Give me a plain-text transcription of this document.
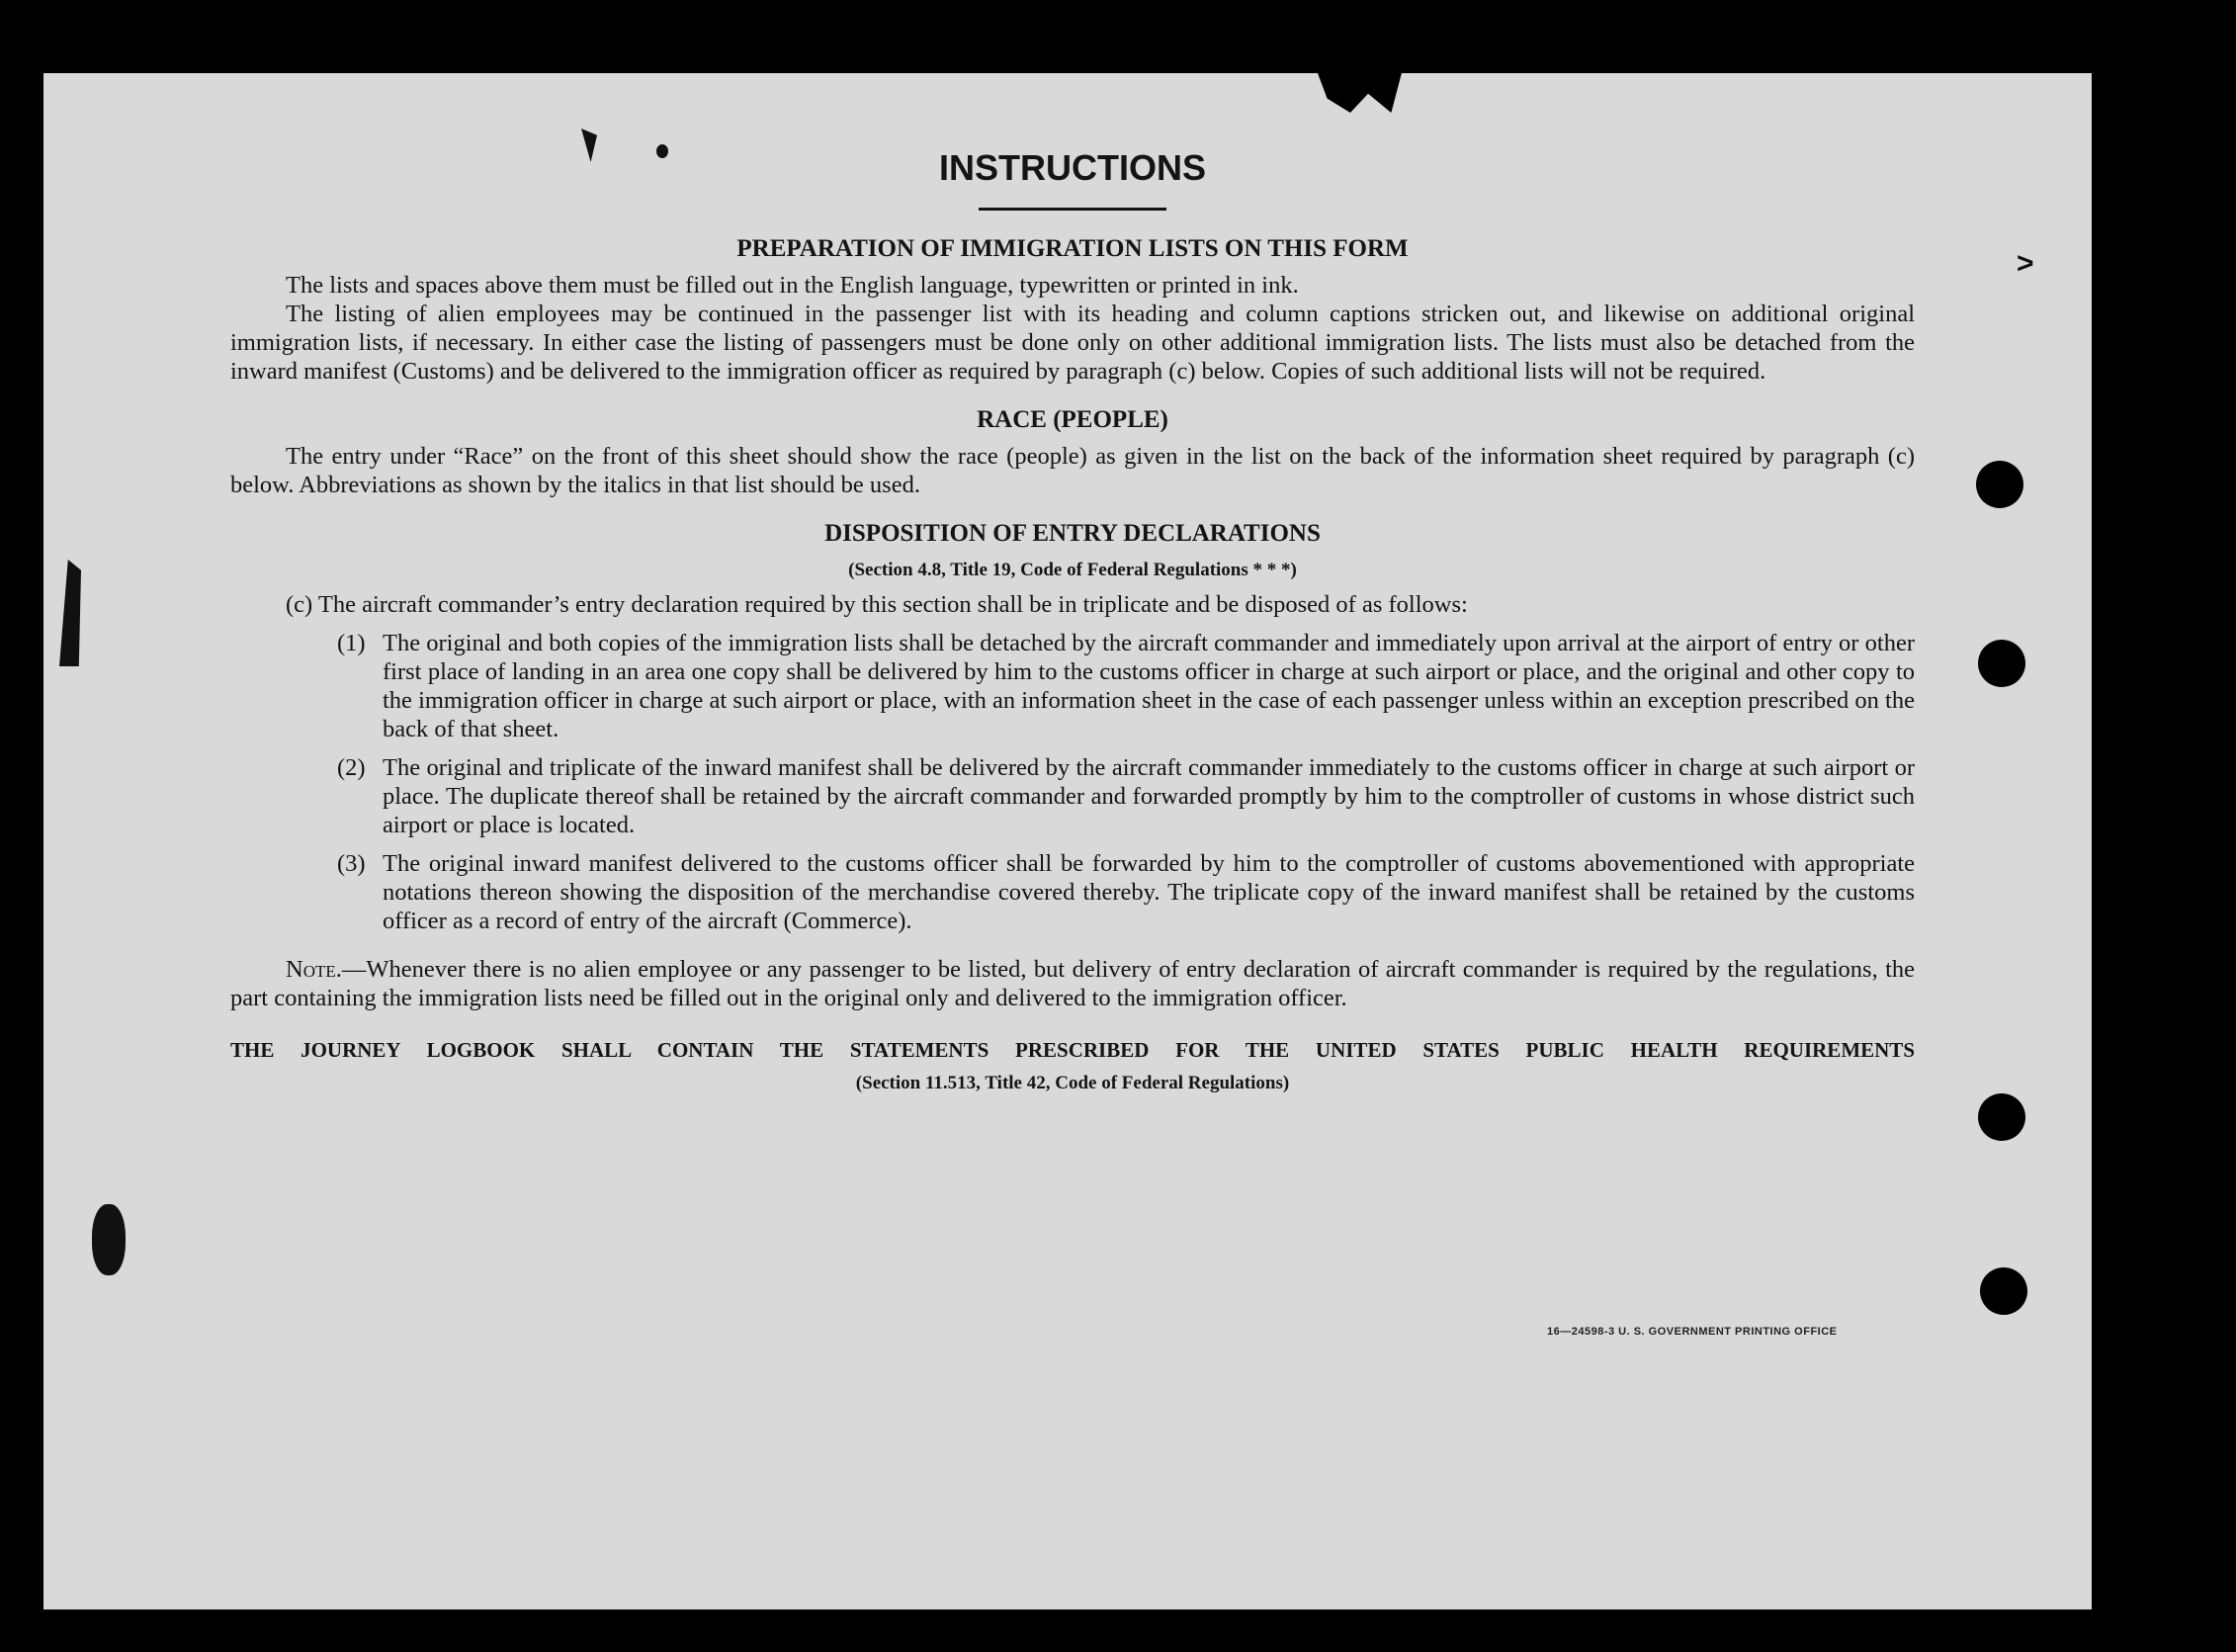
>
INSTRUCTIONS
PREPARATION OF IMMIGRATION LISTS ON THIS FORM

The lists and spaces above them must be filled out in the English language, typewritten or printed in ink.

The listing of alien employees may be continued in the passenger list with its heading and column captions stricken out, and likewise on additional original immigration lists, if necessary. In either case the listing of passengers must be done only on other additional immigration lists. The lists must also be detached from the inward manifest (Customs) and be delivered to the immigration officer as required by paragraph (c) below. Copies of such additional lists will not be required.

RACE (PEOPLE)

The entry under “Race” on the front of this sheet should show the race (people) as given in the list on the back of the information sheet required by paragraph (c) below. Abbreviations as shown by the italics in that list should be used.

DISPOSITION OF ENTRY DECLARATIONS
(Section 4.8, Title 19, Code of Federal Regulations * * *)

(c) The aircraft commander’s entry declaration required by this section shall be in triplicate and be disposed of as follows:

(1) The original and both copies of the immigration lists shall be detached by the aircraft commander and immediately upon arrival at the airport of entry or other first place of landing in an area one copy shall be delivered by him to the customs officer in charge at such airport or place, and the original and other copy to the immigration officer in charge at such airport or place, with an information sheet in the case of each passenger unless within an exception prescribed on the back of that sheet.
(2) The original and triplicate of the inward manifest shall be delivered by the aircraft commander immediately to the customs officer in charge at such airport or place. The duplicate thereof shall be retained by the aircraft commander and forwarded promptly by him to the comptroller of customs in whose district such airport or place is located.
(3) The original inward manifest delivered to the customs officer shall be forwarded by him to the comptroller of customs abovementioned with appropriate notations thereon showing the disposition of the merchandise covered thereby. The triplicate copy of the inward manifest shall be retained by the customs officer as a record of entry of the aircraft (Commerce).

Note.—Whenever there is no alien employee or any passenger to be listed, but delivery of entry declaration of aircraft commander is required by the regulations, the part containing the immigration lists need be filled out in the original only and delivered to the immigration officer.

THE JOURNEY LOGBOOK SHALL CONTAIN THE STATEMENTS PRESCRIBED FOR THE UNITED STATES PUBLIC HEALTH REQUIREMENTS
(Section 11.513, Title 42, Code of Federal Regulations)
16—24598-3 U. S. GOVERNMENT PRINTING OFFICE
